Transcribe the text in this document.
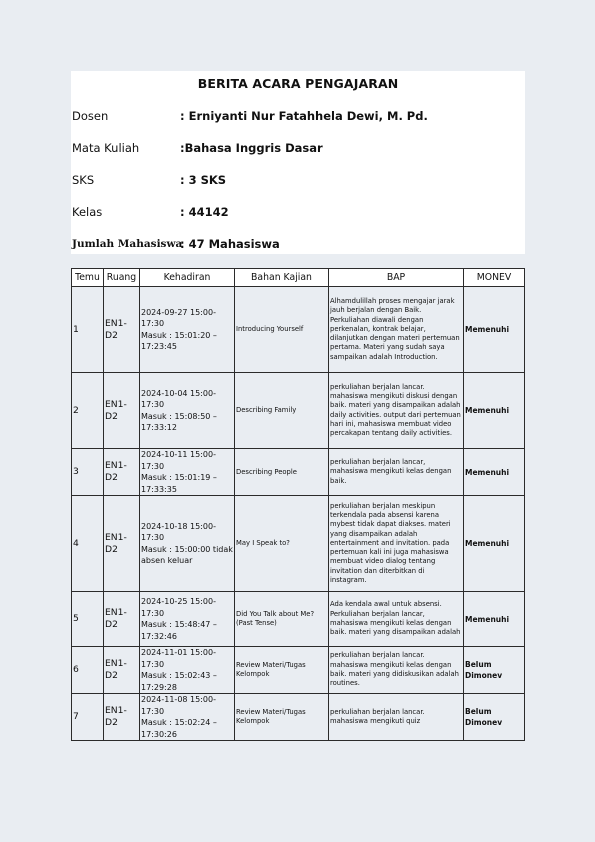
BERITA ACARA PENGAJARAN
Dosen	: Erniyanti Nur Fatahhela Dewi, M. Pd.
Mata Kuliah	:Bahasa Inggris Dasar
SKS	: 3 SKS
Kelas	: 44142
Jumlah Mahasiswa
: 47 Mahasiswa
Temu	Ruang	Kehadiran	Bahan Kajian	BAP	MONEV
1	EN1-D2	2024-09-27 15:00-17:30
Masuk : 15:01:20 – 17:23:45	Introducing Yourself	Alhamdulillah proses mengajar jarak jauh berjalan dengan Baik. Perkuliahan diawali dengan perkenalan, kontrak belajar, dilanjutkan dengan materi pertemuan pertama. Materi yang sudah saya sampaikan adalah Introduction.	Memenuhi
2	EN1-D2	2024-10-04 15:00-17:30
Masuk : 15:08:50 – 17:33:12	Describing Family	perkuliahan berjalan lancar. mahasiswa mengikuti diskusi dengan baik. materi yang disampaikan adalah daily activities. output dari pertemuan hari ini, mahasiswa membuat video percakapan tentang daily activities.	Memenuhi
3	EN1-D2	2024-10-11 15:00-17:30
Masuk : 15:01:19 – 17:33:35	Describing People	perkuliahan berjalan lancar, mahasiswa mengikuti kelas dengan baik.	Memenuhi
4	EN1-D2	2024-10-18 15:00-17:30
Masuk : 15:00:00 tidak absen keluar	May I Speak to?	perkuliahan berjalan meskipun terkendala pada absensi karena mybest tidak dapat diakses. materi yang disampaikan adalah entertainment and invitation. pada pertemuan kali ini juga mahasiswa membuat video dialog tentang invitation dan diterbitkan di instagram.	Memenuhi
5	EN1-D2	2024-10-25 15:00-17:30
Masuk : 15:48:47 – 17:32:46	Did You Talk about Me? (Past Tense)	Ada kendala awal untuk absensi. Perkuliahan berjalan lancar, mahasiswa mengikuti kelas dengan baik. materi yang disampaikan adalah	Memenuhi
6	EN1-D2	2024-11-01 15:00-17:30
Masuk : 15:02:43 – 17:29:28	Review Materi/Tugas Kelompok	perkuliahan berjalan lancar. mahasiswa mengikuti kelas dengan baik. materi yang didiskusikan adalah routines.	Belum Dimonev
7	EN1-D2	2024-11-08 15:00-17:30
Masuk : 15:02:24 – 17:30:26	Review Materi/Tugas Kelompok	perkuliahan berjalan lancar. mahasiswa mengikuti quiz	Belum Dimonev
